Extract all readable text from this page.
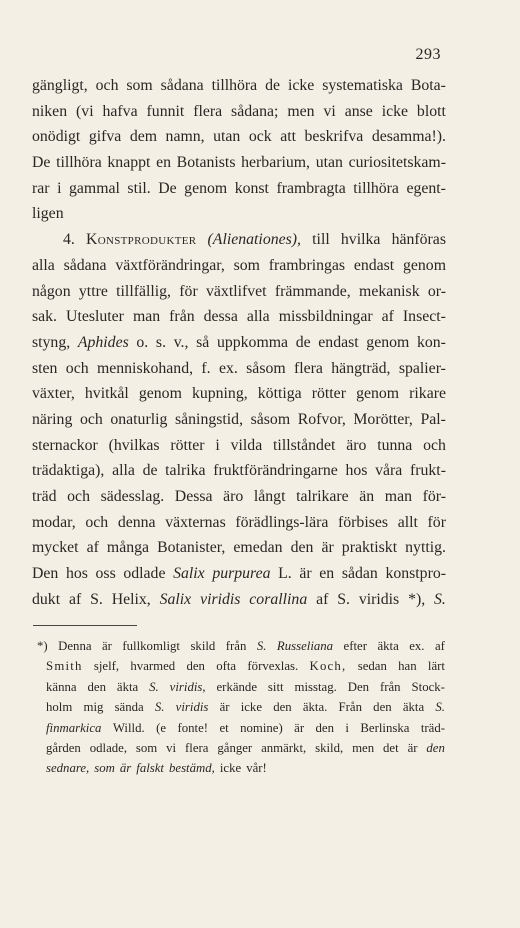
293
gängligt, och som sådana tillhöra de icke systematiska Bota-
niken (vi hafva funnit flera sådana; men vi anse icke blott
onödigt gifva dem namn, utan ock att beskrifva desamma!).
De tillhöra knappt en Botanists herbarium, utan curiositetskam-
rar i gammal stil. De genom konst frambragta tillhöra egent-
ligen
4. Konstprodukter (Alienationes), till hvilka hänföras
alla sådana växtförändringar, som frambringas endast genom
någon yttre tillfällig, för växtlifvet främmande, mekanisk or-
sak. Utesluter man från dessa alla missbildningar af Insect-
styng, Aphides o. s. v., så uppkomma de endast genom kon-
sten och menniskohand, f. ex. såsom flera hängträd, spalier-
växter, hvitkål genom kupning, köttiga rötter genom rikare
näring och onaturlig såningstid, såsom Rofvor, Morötter, Pal-
sternackor (hvilkas rötter i vilda tillståndet äro tunna och
trädaktiga), alla de talrika fruktförändringarne hos våra frukt-
träd och sädesslag. Dessa äro långt talrikare än man för-
modar, och denna växternas förädlings-lära förbises allt för
mycket af många Botanister, emedan den är praktiskt nyttig.
Den hos oss odlade Salix purpurea L. är en sådan konstpro-
dukt af S. Helix, Salix viridis corallina af S. viridis *), S.
*) Denna är fullkomligt skild från S. Russeliana efter äkta ex. af
Smith sjelf, hvarmed den ofta förvexlas. Koch, sedan han lärt
känna den äkta S. viridis, erkände sitt misstag. Den från Stock-
holm mig sända S. viridis är icke den äkta. Från den äkta S.
finmarkica Willd. (e fonte! et nomine) är den i Berlinska träd-
gården odlade, som vi flera gånger anmärkt, skild, men det är den
sednare, som är falskt bestämd, icke vår!
